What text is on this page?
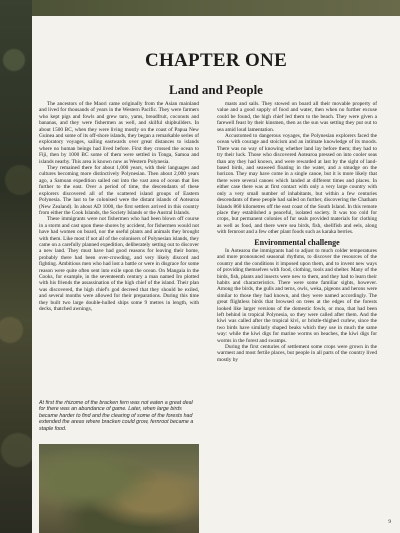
CHAPTER ONE
Land and People

The ancestors of the Maori came originally from the Asian mainland and lived for thousands of years in the Western Pacific. They were farmers who kept pigs and fowls and grew taro, yams, breadfruit, coconuts and bananas, and they were fishermen as well, and skilful shipbuilders. In about 1500 BC, when they were living mostly on the coast of Papua New Guinea and some of its off-shore islands, they began a remarkable series of exploratory voyages, sailing eastwards over great distances to islands where no human beings had lived before. First they crossed the ocean to Fiji, then by 1000 BC some of them were settled in Tonga, Samoa and islands nearby. This area is known now as Western Polynesia.

They remained there for about 1,000 years, with their languages and cultures becoming more distinctively Polynesian. Then about 2,000 years ago, a Samoan expedition sailed out into the vast area of ocean that lies further to the east. Over a period of time, the descendants of these explorers discovered all of the scattered island groups of Eastern Polynesia. The last to be colonised were the distant islands of Aotearoa (New Zealand). In about AD 1000, the first settlers arrived in this country from either the Cook Islands, the Society Islands or the Austral Islands.

These immigrants were not fishermen who had been blown off course in a storm and cast upon these shores by accident, for fishermen would not have had women on board, nor the useful plants and animals they brought with them. Like most if not all of the colonisers of Polynesian islands, they came on a carefully planned expedition, deliberately setting out to discover a new land. They must have had good reasons for leaving their home, probably there had been over-crowding, and very likely discord and fighting. Ambitious men who had lost a battle or were in disgrace for some reason were quite often sent into exile upon the ocean. On Mangaia in the Cooks, for example, in the seventeenth century a man named Iro plotted with his friends the assassination of the high chief of the island. Their plan was discovered, the high chief's god decreed that they should be exiled, and several months were allowed for their preparations. During this time they built two large double-hulled ships some 9 metres in length, with decks, thatched awnings,

At first the rhizome of the bracken fern was not eaten a great deal for there was an abundance of game. Later, when large birds became harder to find and the clearing of some of the forests had extended the areas where bracken could grow, fernroot became a staple food.

masts and sails. They stowed on board all their movable property of value and a good supply of food and water, then when no further excuse could be found, the high chief led them to the beach. They were given a farewell feast by their kinsmen, then as the sun was setting they put out to sea amid loud lamentation.

Accustomed to dangerous voyages, the Polynesian explorers faced the ocean with courage and stoicism and an intimate knowledge of its moods. There was no way of knowing whether land lay before them; they had to try their luck. Those who discovered Aotearoa pressed on into cooler seas than any they had known, and were rewarded at last by the sight of land-based birds, and seaweed floating in the water, and a smudge on the horizon. They may have come in a single canoe, but it is more likely that there were several canoes which landed at different times and places. In either case there was at first contact with only a very large country with only a very small number of inhabitants, but within a few centuries descendants of these people had sailed on further, discovering the Chatham Islands 860 kilometres off the east coast of the South Island. In this remote place they established a peaceful, isolated society. It was too cold for crops, but permanent colonies of fur seals provided materials for clothing as well as food, and there were sea birds, fish, shellfish and eels, along with fernroot and a few other plant foods such as karaka berries.

Environmental challenge

In Aotearoa the immigrants had to adjust to much colder temperatures and more pronounced seasonal rhythms, to discover the resources of the country and the conditions it imposed upon them, and to invent new ways of providing themselves with food, clothing, tools and shelter. Many of the birds, fish, plants and insects were new to them, and they had to learn their habits and characteristics. There were some familiar sights, however. Among the birds, the gulls and terns, owls, weka, pigeons and herons were similar to those they had known, and they were named accordingly. The great flightless birds that browsed on trees at the edges of the forests looked like larger versions of the domestic fowls, or moa, that had been left behind in tropical Polynesia, so they were called after them. And the kiwi was called after the tropical kivi, or bristle-thighed curlew, since the two birds have similarly shaped beaks which they use in much the same way: while the kiwi digs for marine worms on beaches, the kiwi digs for worms in the forest and swamps.

During the first centuries of settlement some crops were grown in the warmest and most fertile places, but people in all parts of the country lived mostly by

9
